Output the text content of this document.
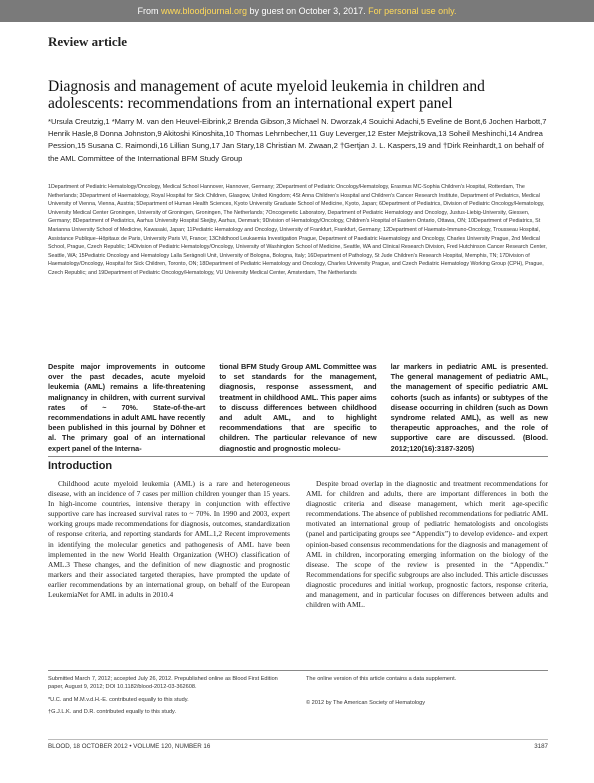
From www.bloodjournal.org by guest on October 3, 2017. For personal use only.
Review article
Diagnosis and management of acute myeloid leukemia in children and adolescents: recommendations from an international expert panel
*Ursula Creutzig,1 *Marry M. van den Heuvel-Eibrink,2 Brenda Gibson,3 Michael N. Dworzak,4 Souichi Adachi,5 Eveline de Bont,6 Jochen Harbott,7 Henrik Hasle,8 Donna Johnston,9 Akitoshi Kinoshita,10 Thomas Lehrnbecher,11 Guy Leverger,12 Ester Mejstrikova,13 Soheil Meshinchi,14 Andrea Pession,15 Susana C. Raimondi,16 Lillian Sung,17 Jan Stary,18 Christian M. Zwaan,2 †Gertjan J. L. Kaspers,19 and †Dirk Reinhardt,1 on behalf of the AML Committee of the International BFM Study Group
1Department of Pediatric Hematology/Oncology, Medical School Hannover, Hannover, Germany; 2Department of Pediatric Oncology/Hematology, Erasmus MC-Sophia Children's Hospital, Rotterdam, The Netherlands; 3Department of Haematology, Royal Hospital for Sick Children, Glasgow, United Kingdom; 4St Anna Children's Hospital and Children's Cancer Research Institute, Department of Pediatrics, Medical University of Vienna, Vienna, Austria; 5Department of Human Health Sciences, Kyoto University Graduate School of Medicine, Kyoto, Japan; 6Department of Pediatrics, Division of Pediatric Oncology/Hematology, University Medical Center Groningen, University of Groningen, Groningen, The Netherlands; 7Oncogenetic Laboratory, Department of Pediatric Hematology and Oncology, Justus-Liebig-University, Giessen, Germany; 8Department of Pediatrics, Aarhus University Hospital Skejby, Aarhus, Denmark; 9Division of Hematology/Oncology, Children's Hospital of Eastern Ontario, Ottawa, ON; 10Department of Pediatrics, St Marianna University School of Medicine, Kawasaki, Japan; 11Pediatric Hematology and Oncology, University of Frankfurt, Frankfurt, Germany; 12Department of Haemato-Immuno-Oncology, Trousseau Hospital, Assistance Publique–Hôpitaux de Paris, University Paris VI, France; 13Childhood Leukaemia Investigation Prague, Department of Paediatric Haematology and Oncology, Charles University Prague, 2nd Medical School, Prague, Czech Republic; 14Division of Pediatric Hematology/Oncology, University of Washington School of Medicine, Seattle, WA and Clinical Research Division, Fred Hutchinson Cancer Research Center, Seattle, WA; 15Pediatric Oncology and Hematology Lalla Seràgnoli Unit, University of Bologna, Bologna, Italy; 16Department of Pathology, St Jude Children's Research Hospital, Memphis, TN; 17Division of Haematology/Oncology, Hospital for Sick Children, Toronto, ON; 18Department of Pediatric Hematology and Oncology, Charles University Prague, and Czech Pediatric Hematology Working Group (CPH), Prague, Czech Republic; and 19Department of Pediatric Oncology/Hematology, VU University Medical Center, Amsterdam, The Netherlands
Despite major improvements in outcome over the past decades, acute myeloid leukemia (AML) remains a life-threatening malignancy in children, with current survival rates of ~ 70%. State-of-the-art recommendations in adult AML have recently been published in this journal by Döhner et al. The primary goal of an international expert panel of the Interna-
tional BFM Study Group AML Committee was to set standards for the management, diagnosis, response assessment, and treatment in childhood AML. This paper aims to discuss differences between childhood and adult AML, and to highlight recommendations that are specific to children. The particular relevance of new diagnostic and prognostic molecu-
lar markers in pediatric AML is presented. The general management of pediatric AML, the management of specific pediatric AML cohorts (such as infants) or subtypes of the disease occurring in children (such as Down syndrome related AML), as well as new therapeutic approaches, and the role of supportive care are discussed. (Blood. 2012;120(16):3187-3205)
Introduction

Childhood acute myeloid leukemia (AML) is a rare and heterogeneous disease, with an incidence of 7 cases per million children younger than 15 years. In high-income countries, intensive therapy in conjunction with effective supportive care has increased survival rates to ~ 70%. In 1990 and 2003, expert working groups made recommendations for diagnosis, outcomes, standardization of response criteria, and reporting standards for AML.1,2 Recent improvements in identifying the molecular genetics and pathogenesis of AML have been implemented in the new World Health Organization (WHO) classification of AML.3 These changes, and the definition of new diagnostic and prognostic markers and their associated targeted therapies, have prompted the update of earlier recommendations by an international group, on behalf of the European LeukemiaNet for AML in adults in 2010.4

Despite broad overlap in the diagnostic and treatment recommendations for AML for children and adults, there are important differences in both the diagnostic criteria and disease management, which merit age-specific recommendations. The absence of published recommendations for pediatric AML motivated an international group of pediatric hematologists and oncologists (panel and participating groups see “Appendix”) to develop evidence- and expert opinion-based consensus recommendations for the diagnosis and management of AML in children, incorporating emerging information on the biology of the disease. The scope of the review is presented in the “Appendix.” Recommendations for specific subgroups are also included. This article discusses diagnostic procedures and initial workup, prognostic factors, response criteria, and management, and in particular focuses on differences between adults and children with AML.

Submitted March 7, 2012; accepted July 26, 2012. Prepublished online as Blood First Edition paper, August 9, 2012; DOI 10.1182/blood-2012-03-362608.

*U.C. and M.M.v.d.H.-E. contributed equally to this study.

†G.J.L.K. and D.R. contributed equally to this study.

The online version of this article contains a data supplement.

© 2012 by The American Society of Hematology

BLOOD, 18 OCTOBER 2012 • VOLUME 120, NUMBER 16	3187
